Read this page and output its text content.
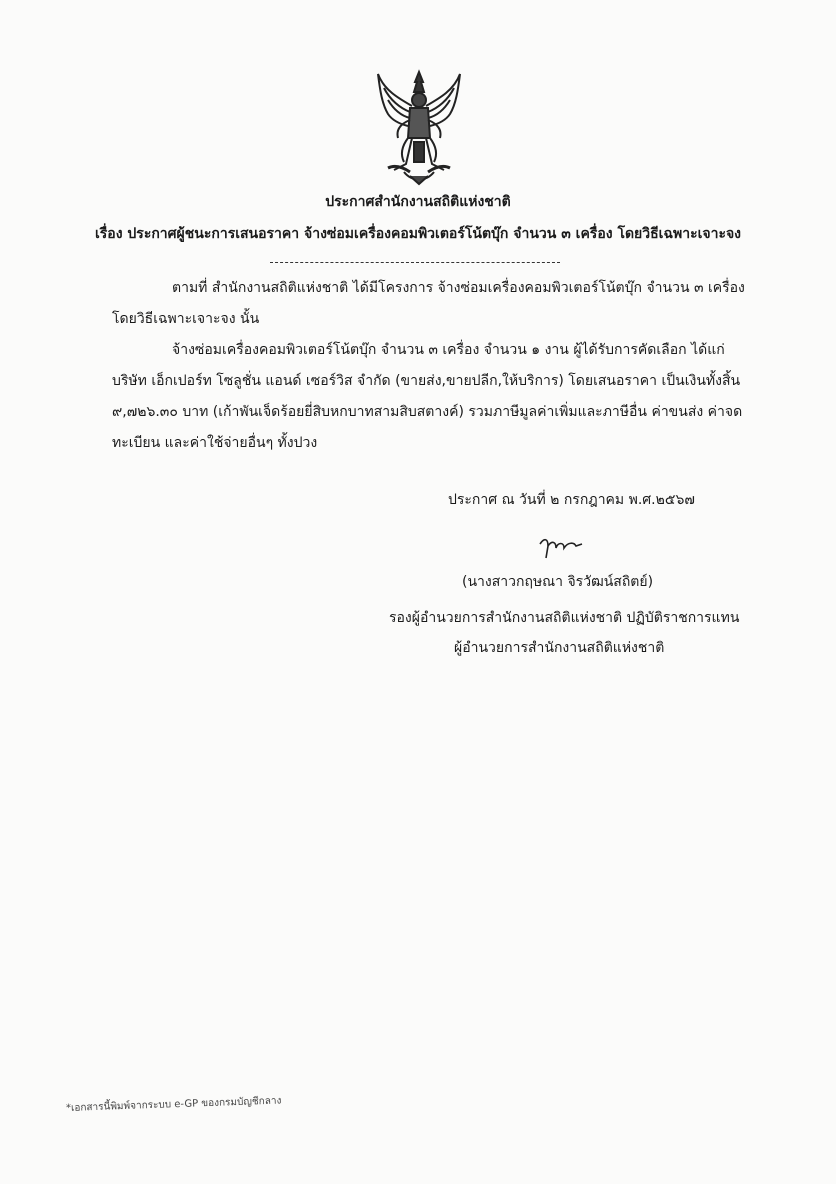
ประกาศสำนักงานสถิติแห่งชาติ
เรื่อง ประกาศผู้ชนะการเสนอราคา จ้างซ่อมเครื่องคอมพิวเตอร์โน้ตบุ๊ก จำนวน ๓ เครื่อง โดยวิธีเฉพาะเจาะจง
ตามที่ สำนักงานสถิติแห่งชาติ ได้มีโครงการ จ้างซ่อมเครื่องคอมพิวเตอร์โน้ตบุ๊ก จำนวน ๓ เครื่อง โดยวิธีเฉพาะเจาะจง นั้น
จ้างซ่อมเครื่องคอมพิวเตอร์โน้ตบุ๊ก จำนวน ๓ เครื่อง จำนวน ๑ งาน ผู้ได้รับการคัดเลือก ได้แก่ บริษัท เอ็กเปอร์ท โซลูชั่น แอนด์ เซอร์วิส จำกัด (ขายส่ง,ขายปลีก,ให้บริการ) โดยเสนอราคา เป็นเงินทั้งสิ้น ๙,๗๒๖.๓๐ บาท (เก้าพันเจ็ดร้อยยี่สิบหกบาทสามสิบสตางค์) รวมภาษีมูลค่าเพิ่มและภาษีอื่น ค่าขนส่ง ค่าจดทะเบียน และค่าใช้จ่ายอื่นๆ ทั้งปวง
ประกาศ ณ วันที่ ๒ กรกฎาคม พ.ศ.๒๕๖๗
(นางสาวกฤษณา จิรวัฒน์สถิตย์)
รองผู้อำนวยการสำนักงานสถิติแห่งชาติ ปฏิบัติราชการแทน
ผู้อำนวยการสำนักงานสถิติแห่งชาติ
*เอกสารนี้พิมพ์จากระบบ e-GP ของกรมบัญชีกลาง
